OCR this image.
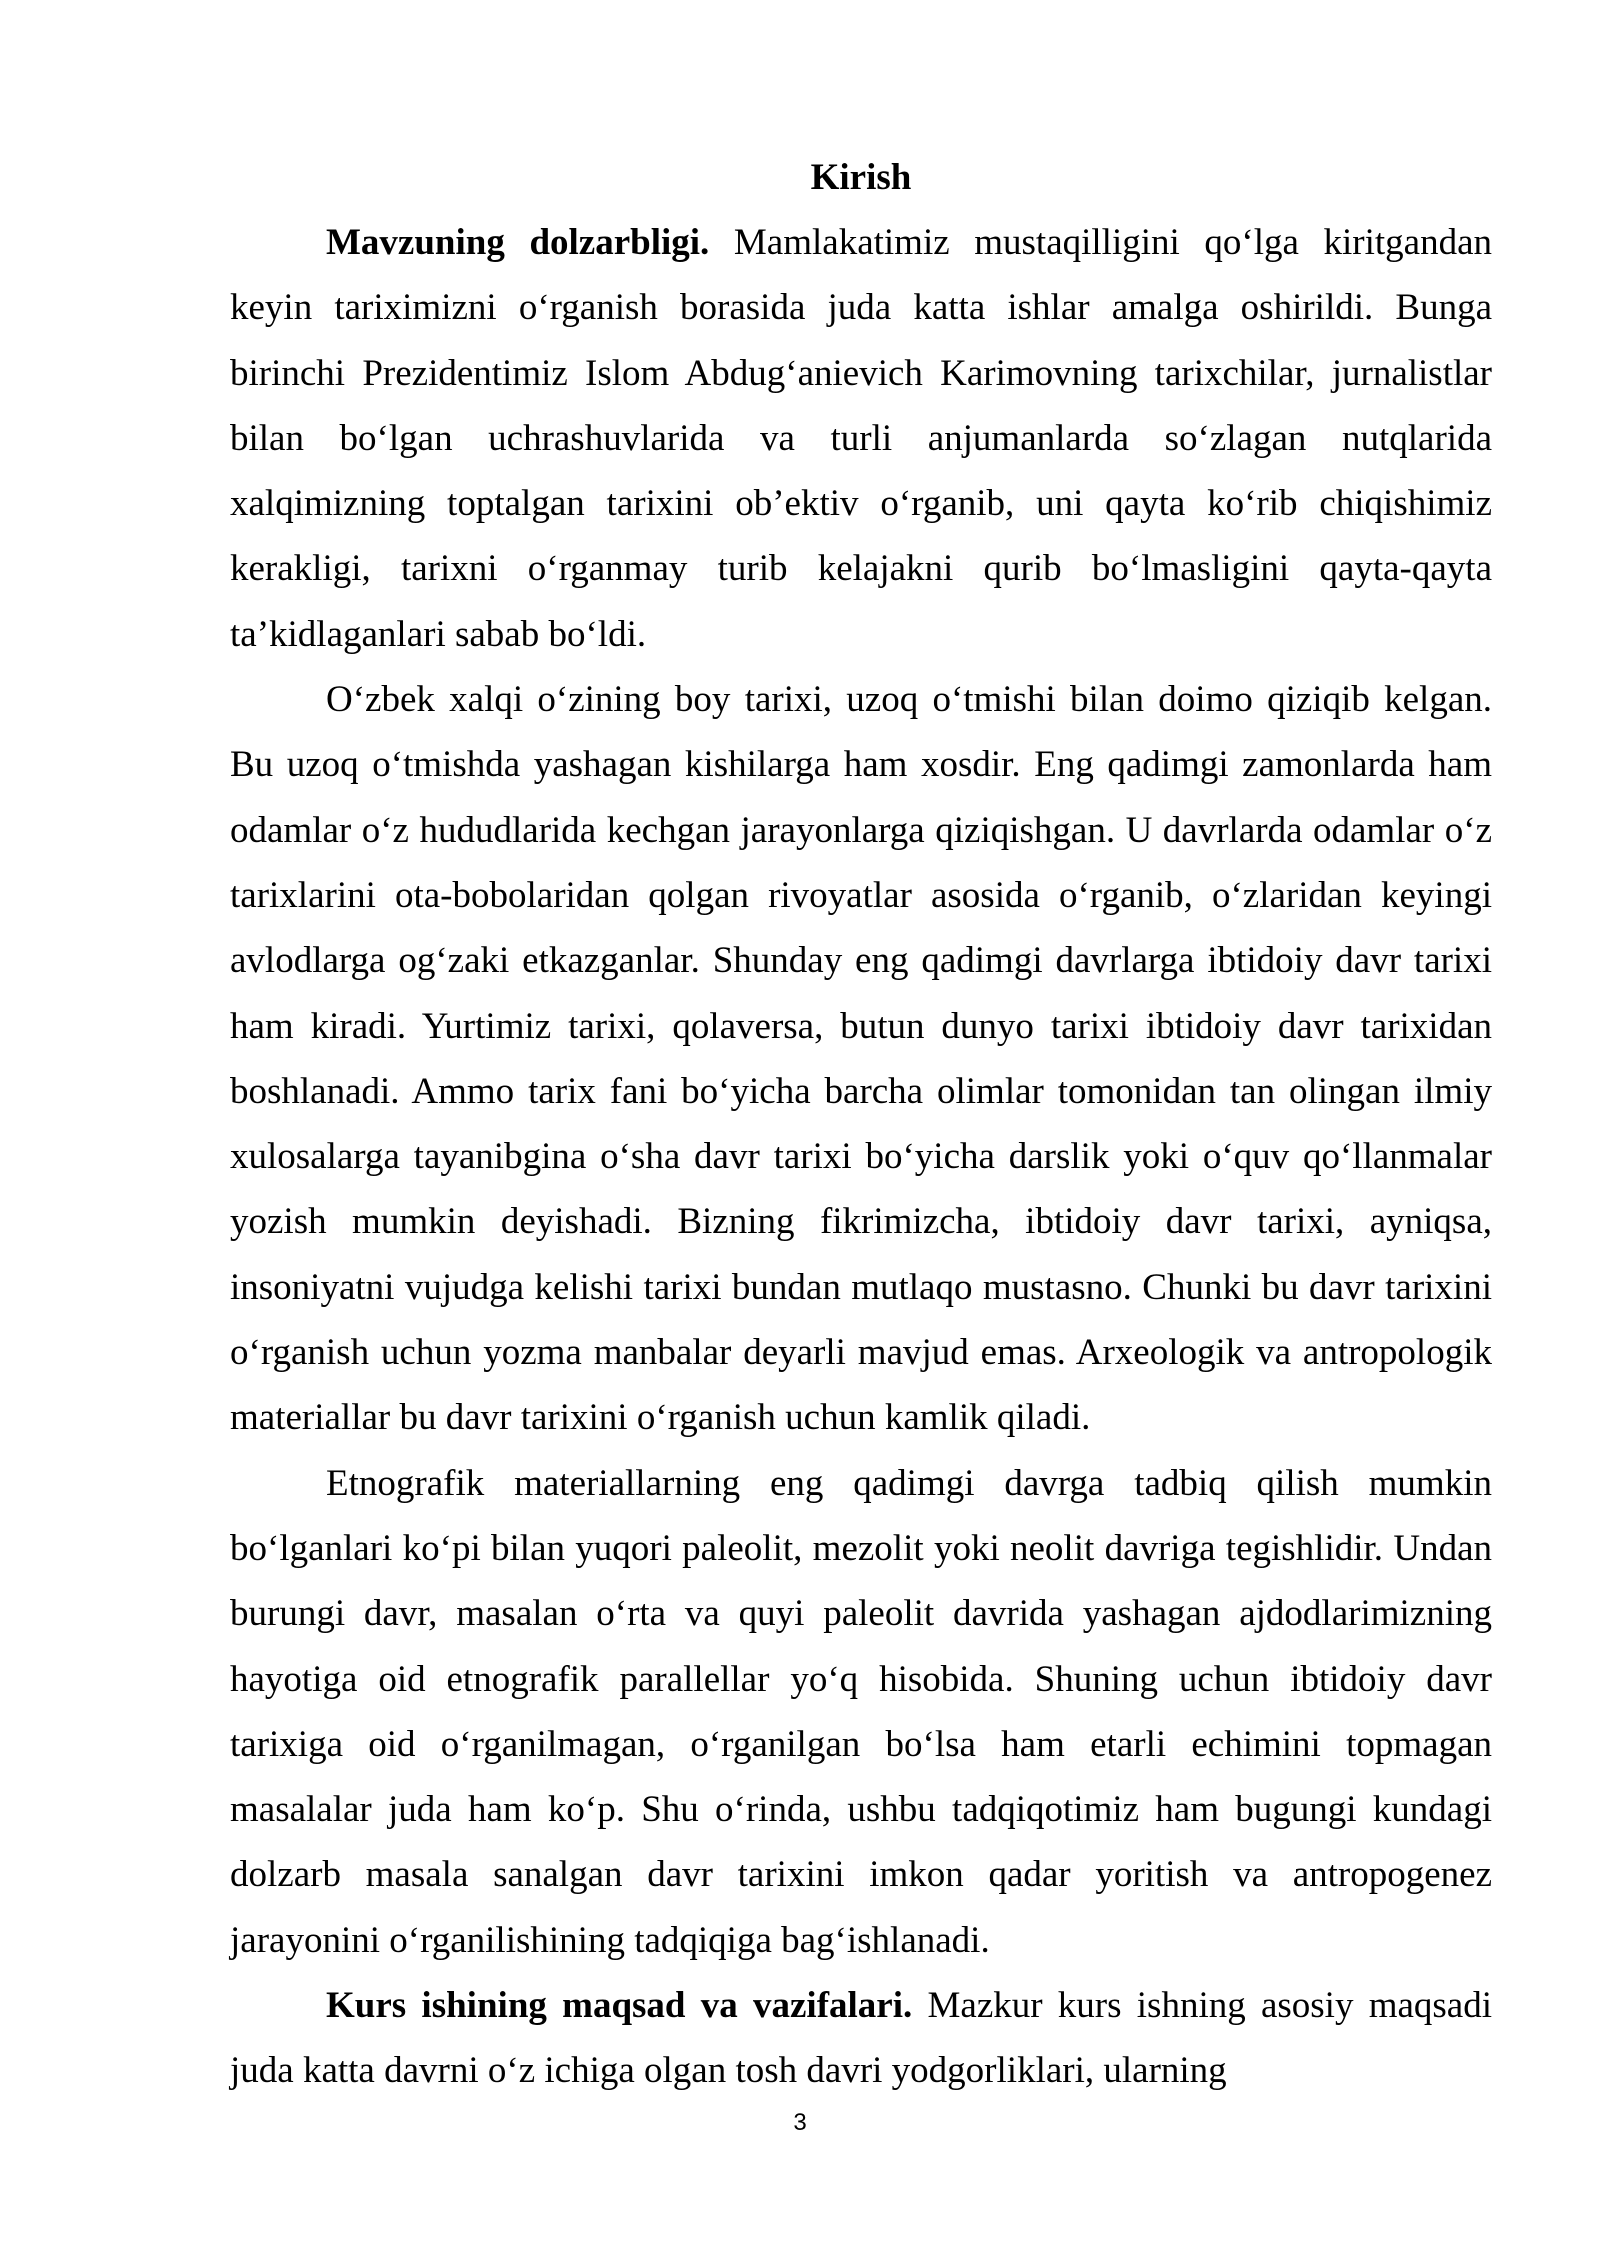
Kirish

Mavzuning dolzarbligi. Mamlakatimiz mustaqilligini qo‘lga kiritgandan keyin tariximizni o‘rganish borasida juda katta ishlar amalga oshirildi. Bunga birinchi Prezidentimiz Islom Abdug‘anievich Karimovning tarixchilar, jurnalistlar bilan bo‘lgan uchrashuvlarida va turli anjumanlarda so‘zlagan nutqlarida xalqimizning toptalgan tarixini ob’ektiv o‘rganib, uni qayta ko‘rib chiqishimiz kerakligi, tarixni o‘rganmay turib kelajakni qurib bo‘lmasligini qayta-qayta ta’kidlaganlari sabab bo‘ldi.

O‘zbek xalqi o‘zining boy tarixi, uzoq o‘tmishi bilan doimo qiziqib kelgan. Bu uzoq o‘tmishda yashagan kishilarga ham xosdir. Eng qadimgi zamonlarda ham odamlar o‘z hududlarida kechgan jarayonlarga qiziqishgan. U davrlarda odamlar o‘z tarixlarini ota-bobolaridan qolgan rivoyatlar asosida o‘rganib, o‘zlaridan keyingi avlodlarga og‘zaki etkazganlar. Shunday eng qadimgi davrlarga ibtidoiy davr tarixi ham kiradi. Yurtimiz tarixi, qolaversa, butun dunyo tarixi ibtidoiy davr tarixidan boshlanadi. Ammo tarix fani bo‘yicha barcha olimlar tomonidan tan olingan ilmiy xulosalarga tayanibgina o‘sha davr tarixi bo‘yicha darslik yoki o‘quv qo‘llanmalar yozish mumkin deyishadi. Bizning fikrimizcha, ibtidoiy davr tarixi, ayniqsa, insoniyatni vujudga kelishi tarixi bundan mutlaqo mustasno. Chunki bu davr tarixini o‘rganish uchun yozma manbalar deyarli mavjud emas. Arxeologik va antropologik materiallar bu davr tarixini o‘rganish uchun kamlik qiladi.

Etnografik materiallarning eng qadimgi davrga tadbiq qilish mumkin bo‘lganlari ko‘pi bilan yuqori paleolit, mezolit yoki neolit davriga tegishlidir. Undan burungi davr, masalan o‘rta va quyi paleolit davrida yashagan ajdodlarimizning hayotiga oid etnografik parallellar yo‘q hisobida. Shuning uchun ibtidoiy davr tarixiga oid o‘rganilmagan, o‘rganilgan bo‘lsa ham etarli echimini topmagan masalalar juda ham ko‘p. Shu o‘rinda, ushbu tadqiqotimiz ham bugungi kundagi dolzarb masala sanalgan davr tarixini imkon qadar yoritish va antropogenez jarayonini o‘rganilishining tadqiqiga bag‘ishlanadi.

Kurs ishining maqsad va vazifalari. Mazkur kurs ishning asosiy maqsadi juda katta davrni o‘z ichiga olgan tosh davri yodgorliklari, ularning

3
